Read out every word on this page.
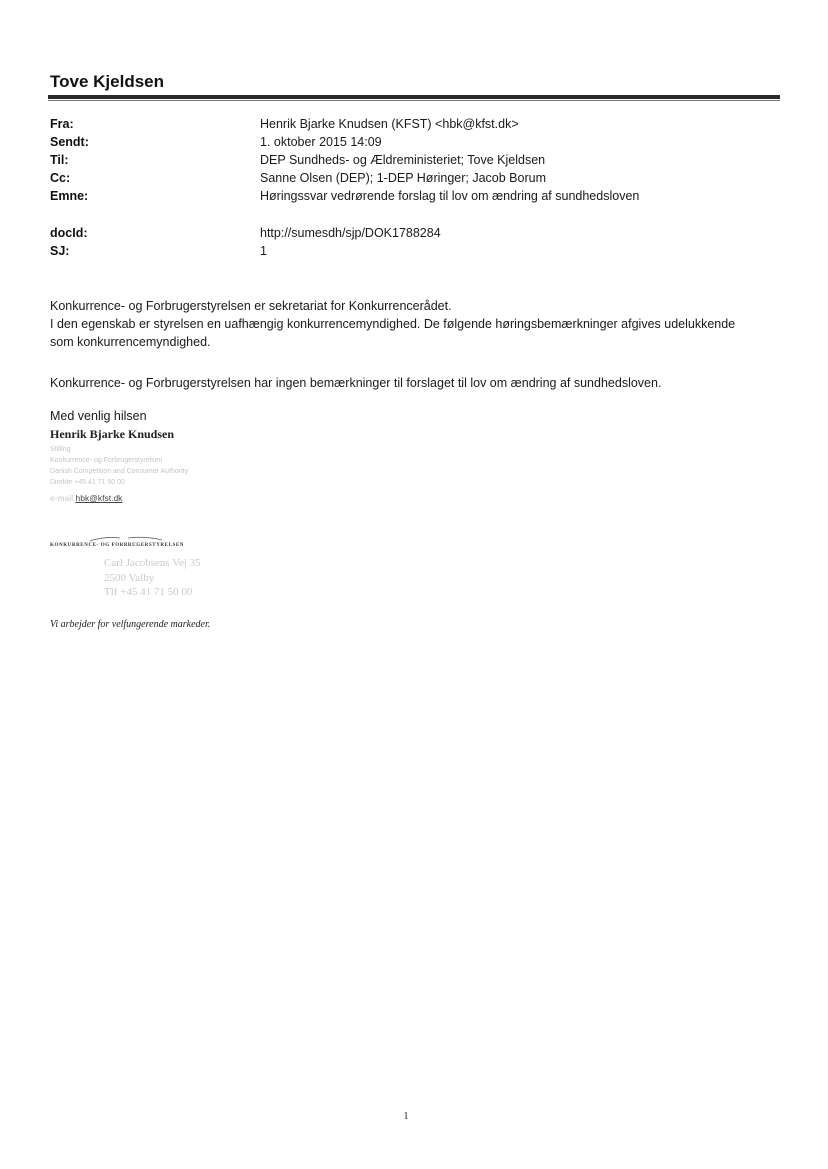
Tove Kjeldsen
Fra:	Henrik Bjarke Knudsen (KFST) <hbk@kfst.dk>
Sendt:	1. oktober 2015 14:09
Til:	DEP Sundheds- og Ældreministeriet; Tove Kjeldsen
Cc:	Sanne Olsen (DEP); 1-DEP Høringer; Jacob Borum
Emne:	Høringssvar vedrørende forslag til lov om ændring af sundhedsloven
docId:	http://sumesdh/sjp/DOK1788284
SJ:	1

Konkurrence- og Forbrugerstyrelsen er sekretariat for Konkurrencerådet.

I den egenskab er styrelsen en uafhængig konkurrencemyndighed. De følgende høringsbemærkninger afgives udelukkende som konkurrencemyndighed.

Konkurrence- og Forbrugerstyrelsen har ingen bemærkninger til forslaget til lov om ændring af sundhedsloven.

Med venlig hilsen
Henrik Bjarke Knudsen
Stilling
Konkurrence- og Forbrugerstyrelsen
Danish Competition and Consumer Authority
Direkte +45 41 71 50 00
e-mail hbk@kfst.dk
KONKURRENCE- OG FORBRUGERSTYRELSEN
Carl Jacobsens Vej 35
2500 Valby
Tlf +45 41 71 50 00
Vi arbejder for velfungerende markeder.
1
